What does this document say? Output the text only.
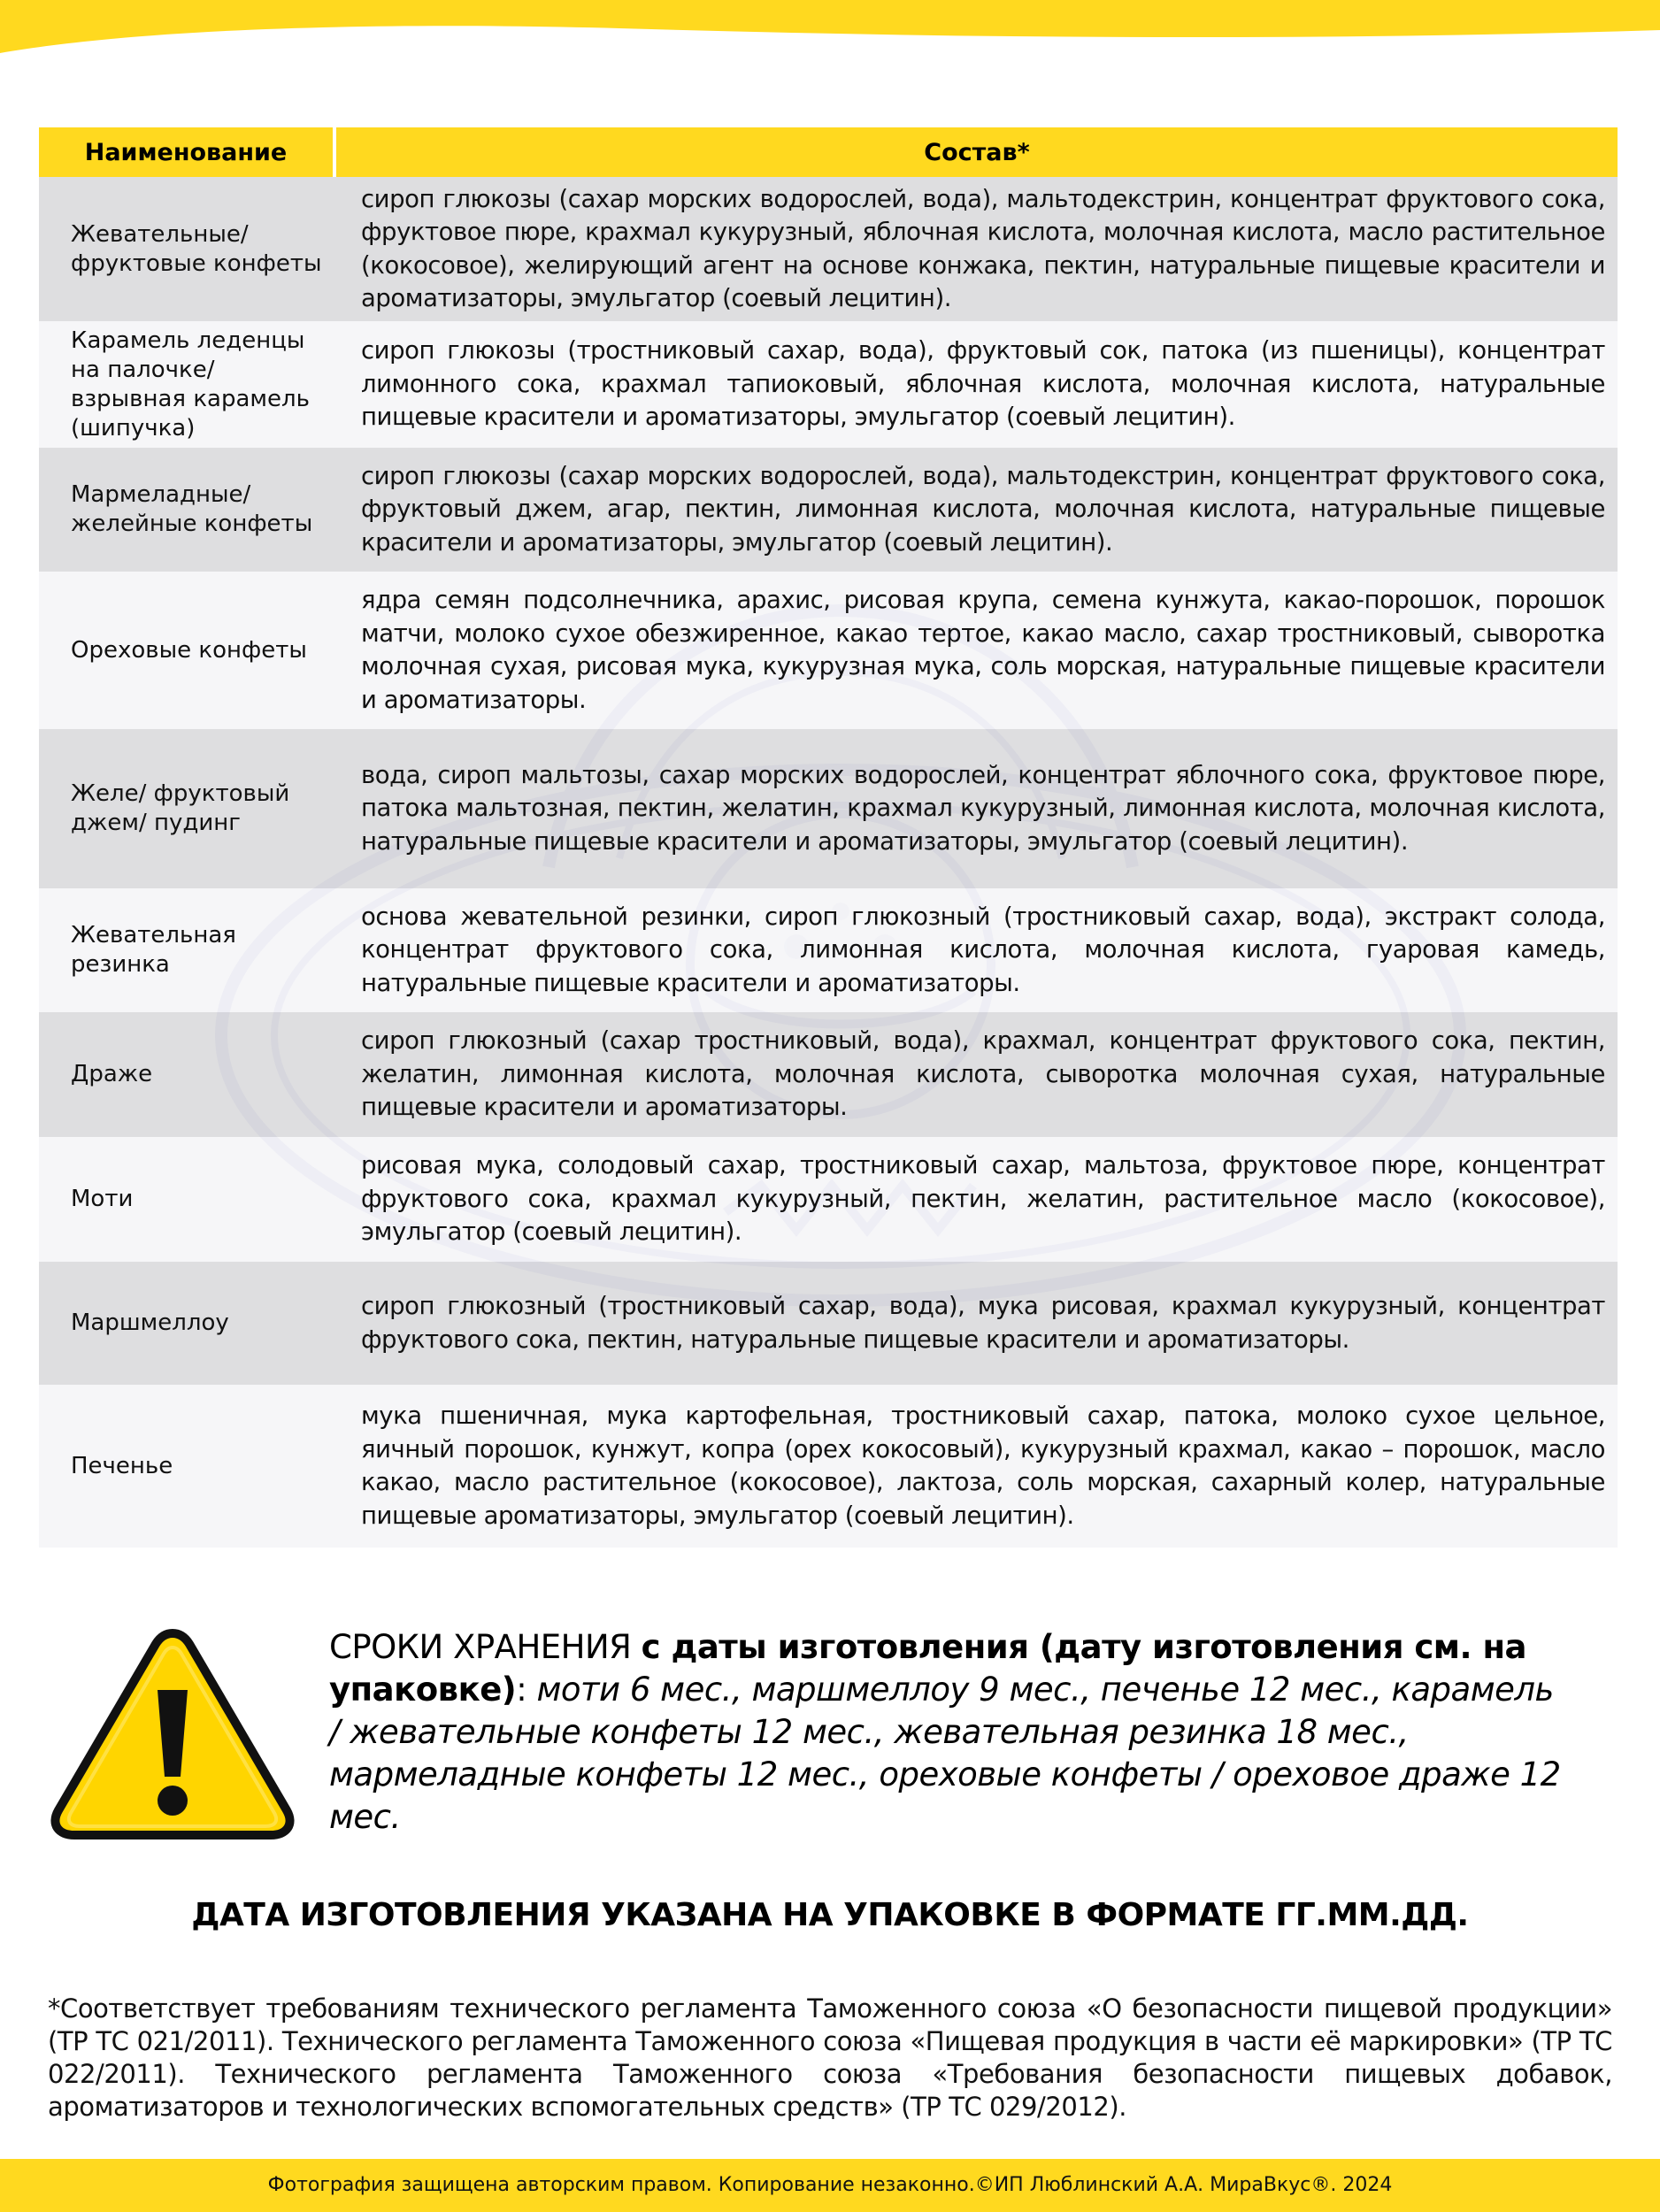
Наименование	Состав*
Жевательные/ фруктовые конфеты	сироп глюкозы (сахар морских водорослей, вода), мальтодекстрин, концентрат фруктового сока, фруктовое пюре, крахмал кукурузный, яблочная кислота, молочная кислота, масло растительное (кокосовое), желирующий агент на основе конжака, пектин, натуральные пищевые красители и ароматизаторы, эмульгатор (соевый лецитин).
Карамель леденцы на палочке/ взрывная карамель (шипучка)	сироп глюкозы (тростниковый сахар, вода), фруктовый сок, патока (из пшеницы), концентрат лимонного сока, крахмал тапиоковый, яблочная кислота, молочная кислота, натуральные пищевые красители и ароматизаторы, эмульгатор (соевый лецитин).
Мармеладные/ желейные конфеты	сироп глюкозы (сахар морских водорослей, вода), мальтодекстрин, концентрат фруктового сока, фруктовый джем, агар, пектин, лимонная кислота, молочная кислота, натуральные пищевые красители и ароматизаторы, эмульгатор (соевый лецитин).
Ореховые конфеты	ядра семян подсолнечника, арахис, рисовая крупа, семена кунжута, какао-порошок, порошок матчи, молоко сухое обезжиренное, какао тертое, какао масло, сахар тростниковый, сыворотка молочная сухая, рисовая мука, кукурузная мука, соль морская, натуральные пищевые красители и ароматизаторы.
Желе/ фруктовый джем/ пудинг	вода, сироп мальтозы, сахар морских водорослей, концентрат яблочного сока, фруктовое пюре, патока мальтозная, пектин, желатин, крахмал кукурузный, лимонная кислота, молочная кислота, натуральные пищевые красители и ароматизаторы, эмульгатор (соевый лецитин).
Жевательная резинка	основа жевательной резинки, сироп глюкозный (тростниковый сахар, вода), экстракт солода, концентрат фруктового сока, лимонная кислота, молочная кислота, гуаровая камедь, натуральные пищевые красители и ароматизаторы.
Драже	сироп глюкозный (сахар тростниковый, вода), крахмал, концентрат фруктового сока, пектин, желатин, лимонная кислота, молочная кислота, сыворотка молочная сухая, натуральные пищевые красители и ароматизаторы.
Моти	рисовая мука, солодовый сахар, тростниковый сахар, мальтоза, фруктовое пюре, концентрат фруктового сока, крахмал кукурузный, пектин, желатин, растительное масло (кокосовое), эмульгатор (соевый лецитин).
Маршмеллоу	сироп глюкозный (тростниковый сахар, вода), мука рисовая, крахмал кукурузный, концентрат фруктового сока, пектин, натуральные пищевые красители и ароматизаторы.
Печенье	мука пшеничная, мука картофельная, тростниковый сахар, патока, молоко сухое цельное, яичный порошок, кунжут, копра (орех кокосовый), кукурузный крахмал, какао – порошок, масло какао, масло растительное (кокосовое), лактоза, соль морская, сахарный колер, натуральные пищевые ароматизаторы, эмульгатор (соевый лецитин).
СРОКИ ХРАНЕНИЯ с даты изготовления (дату изготовления см. на упаковке): моти 6 мес., маршмеллоу 9 мес., печенье 12 мес., карамель / жевательные конфеты 12 мес., жевательная резинка 18 мес., мармеладные конфеты 12 мес., ореховые конфеты / ореховое драже 12 мес.
ДАТА ИЗГОТОВЛЕНИЯ УКАЗАНА НА УПАКОВКЕ В ФОРМАТЕ ГГ.ММ.ДД.
*Соответствует требованиям технического регламента Таможенного союза «О безопасности пищевой продукции» (ТР ТС 021/2011). Технического регламента Таможенного союза «Пищевая продукция в части её маркировки» (ТР ТС 022/2011). Технического регламента Таможенного союза «Требования безопасности пищевых добавок, ароматизаторов и технологических вспомогательных средств» (ТР ТС 029/2012).
Фотография защищена авторским правом. Копирование незаконно.©ИП Люблинский А.А. МираВкус®. 2024
